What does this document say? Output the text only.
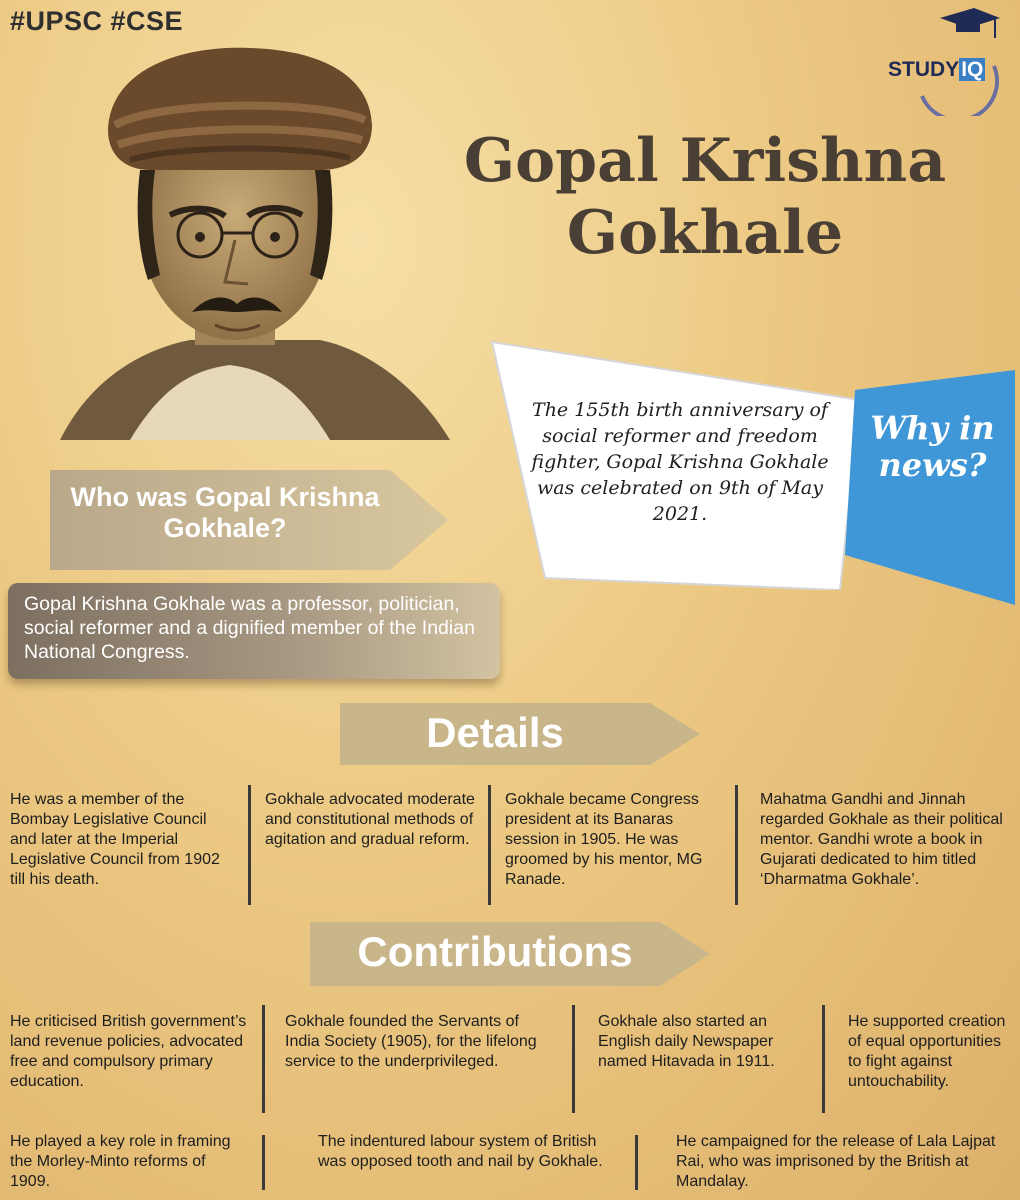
#UPSC #CSE
STUDYIQ
Gopal Krishna
Gokhale
The 155th birth anniversary of social reformer and freedom fighter, Gopal Krishna Gokhale was celebrated on 9th of May 2021.
Why in news?
Who was Gopal Krishna Gokhale?
Gopal Krishna Gokhale was a professor, politician, social reformer and a dignified member of the Indian National Congress.
Details
He was a member of the Bombay Legislative Council and later at the Imperial Legislative Council from 1902 till his death.
Gokhale advocated moderate and constitutional methods of agitation and gradual reform.
Gokhale became Congress president at its Banaras session in 1905. He was groomed by his mentor, MG Ranade.
Mahatma Gandhi and Jinnah regarded Gokhale as their political mentor. Gandhi wrote a book in Gujarati dedicated to him titled ‘Dharmatma Gokhale’.
Contributions
He criticised British government’s land revenue policies, advocated free and compulsory primary education.
Gokhale founded the Servants of India Society (1905), for the lifelong service to the underprivileged.
Gokhale also started an English daily Newspaper named Hitavada in 1911.
He supported creation of equal opportunities to fight against untouchability.
He played a key role in framing the Morley-Minto reforms of 1909.
The indentured labour system of British was opposed tooth and nail by Gokhale.
He campaigned for the release of Lala Lajpat Rai, who was imprisoned by the British at Mandalay.
